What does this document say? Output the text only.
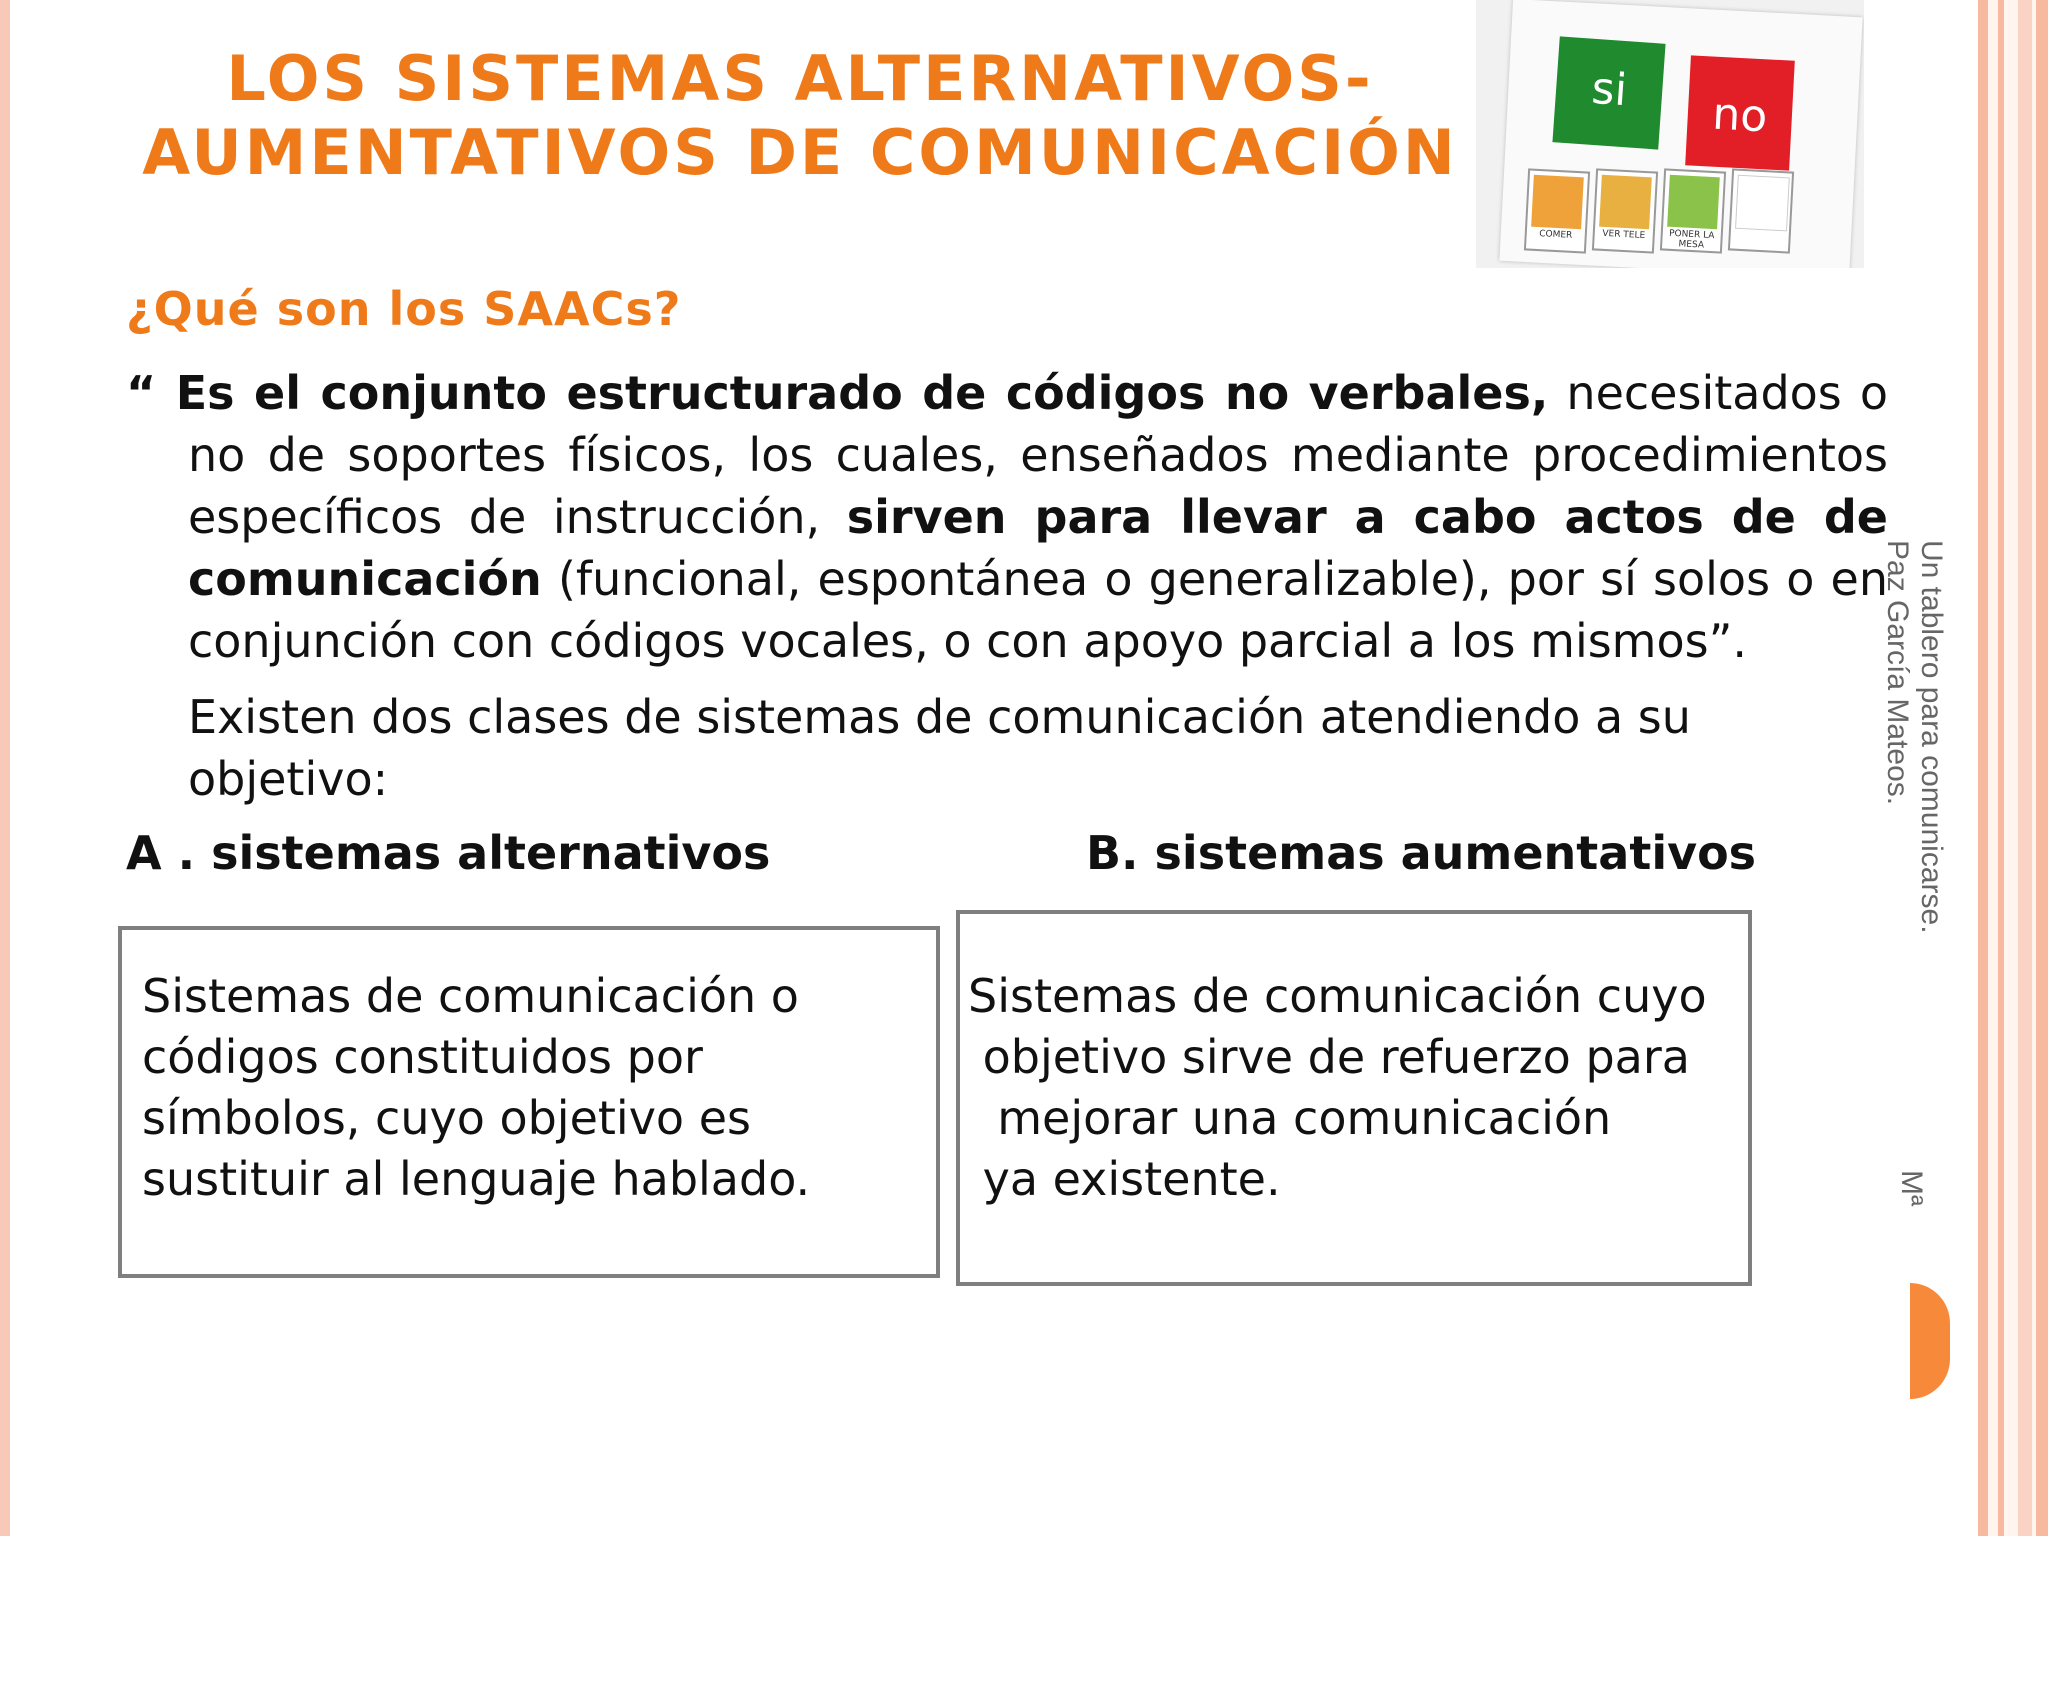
LOS SISTEMAS ALTERNATIVOS-
AUMENTATIVOS DE COMUNICACIÓN
si	no
COMER	VER TELE	PONER LA MESA
¿Qué son los SAACs?
“ Es el conjunto estructurado de códigos no verbales, necesitados o no de soportes físicos, los cuales, enseñados mediante procedimientos específicos de instrucción, sirven para llevar a cabo actos de de comunicación (funcional, espontánea o generalizable), por sí solos o en conjunción con códigos vocales, o con apoyo parcial a los mismos”.
Existen dos clases de sistemas de comunicación atendiendo a su objetivo:
A . sistemas alternativos	B. sistemas aumentativos
Sistemas de comunicación o
códigos constituidos por
símbolos, cuyo objetivo es
sustituir al lenguaje hablado.
Sistemas de comunicación cuyo
objetivo sirve de refuerzo para
mejorar una comunicación
ya existente.
Un tablero para comunicarse.
Paz García Mateos.
Mª
